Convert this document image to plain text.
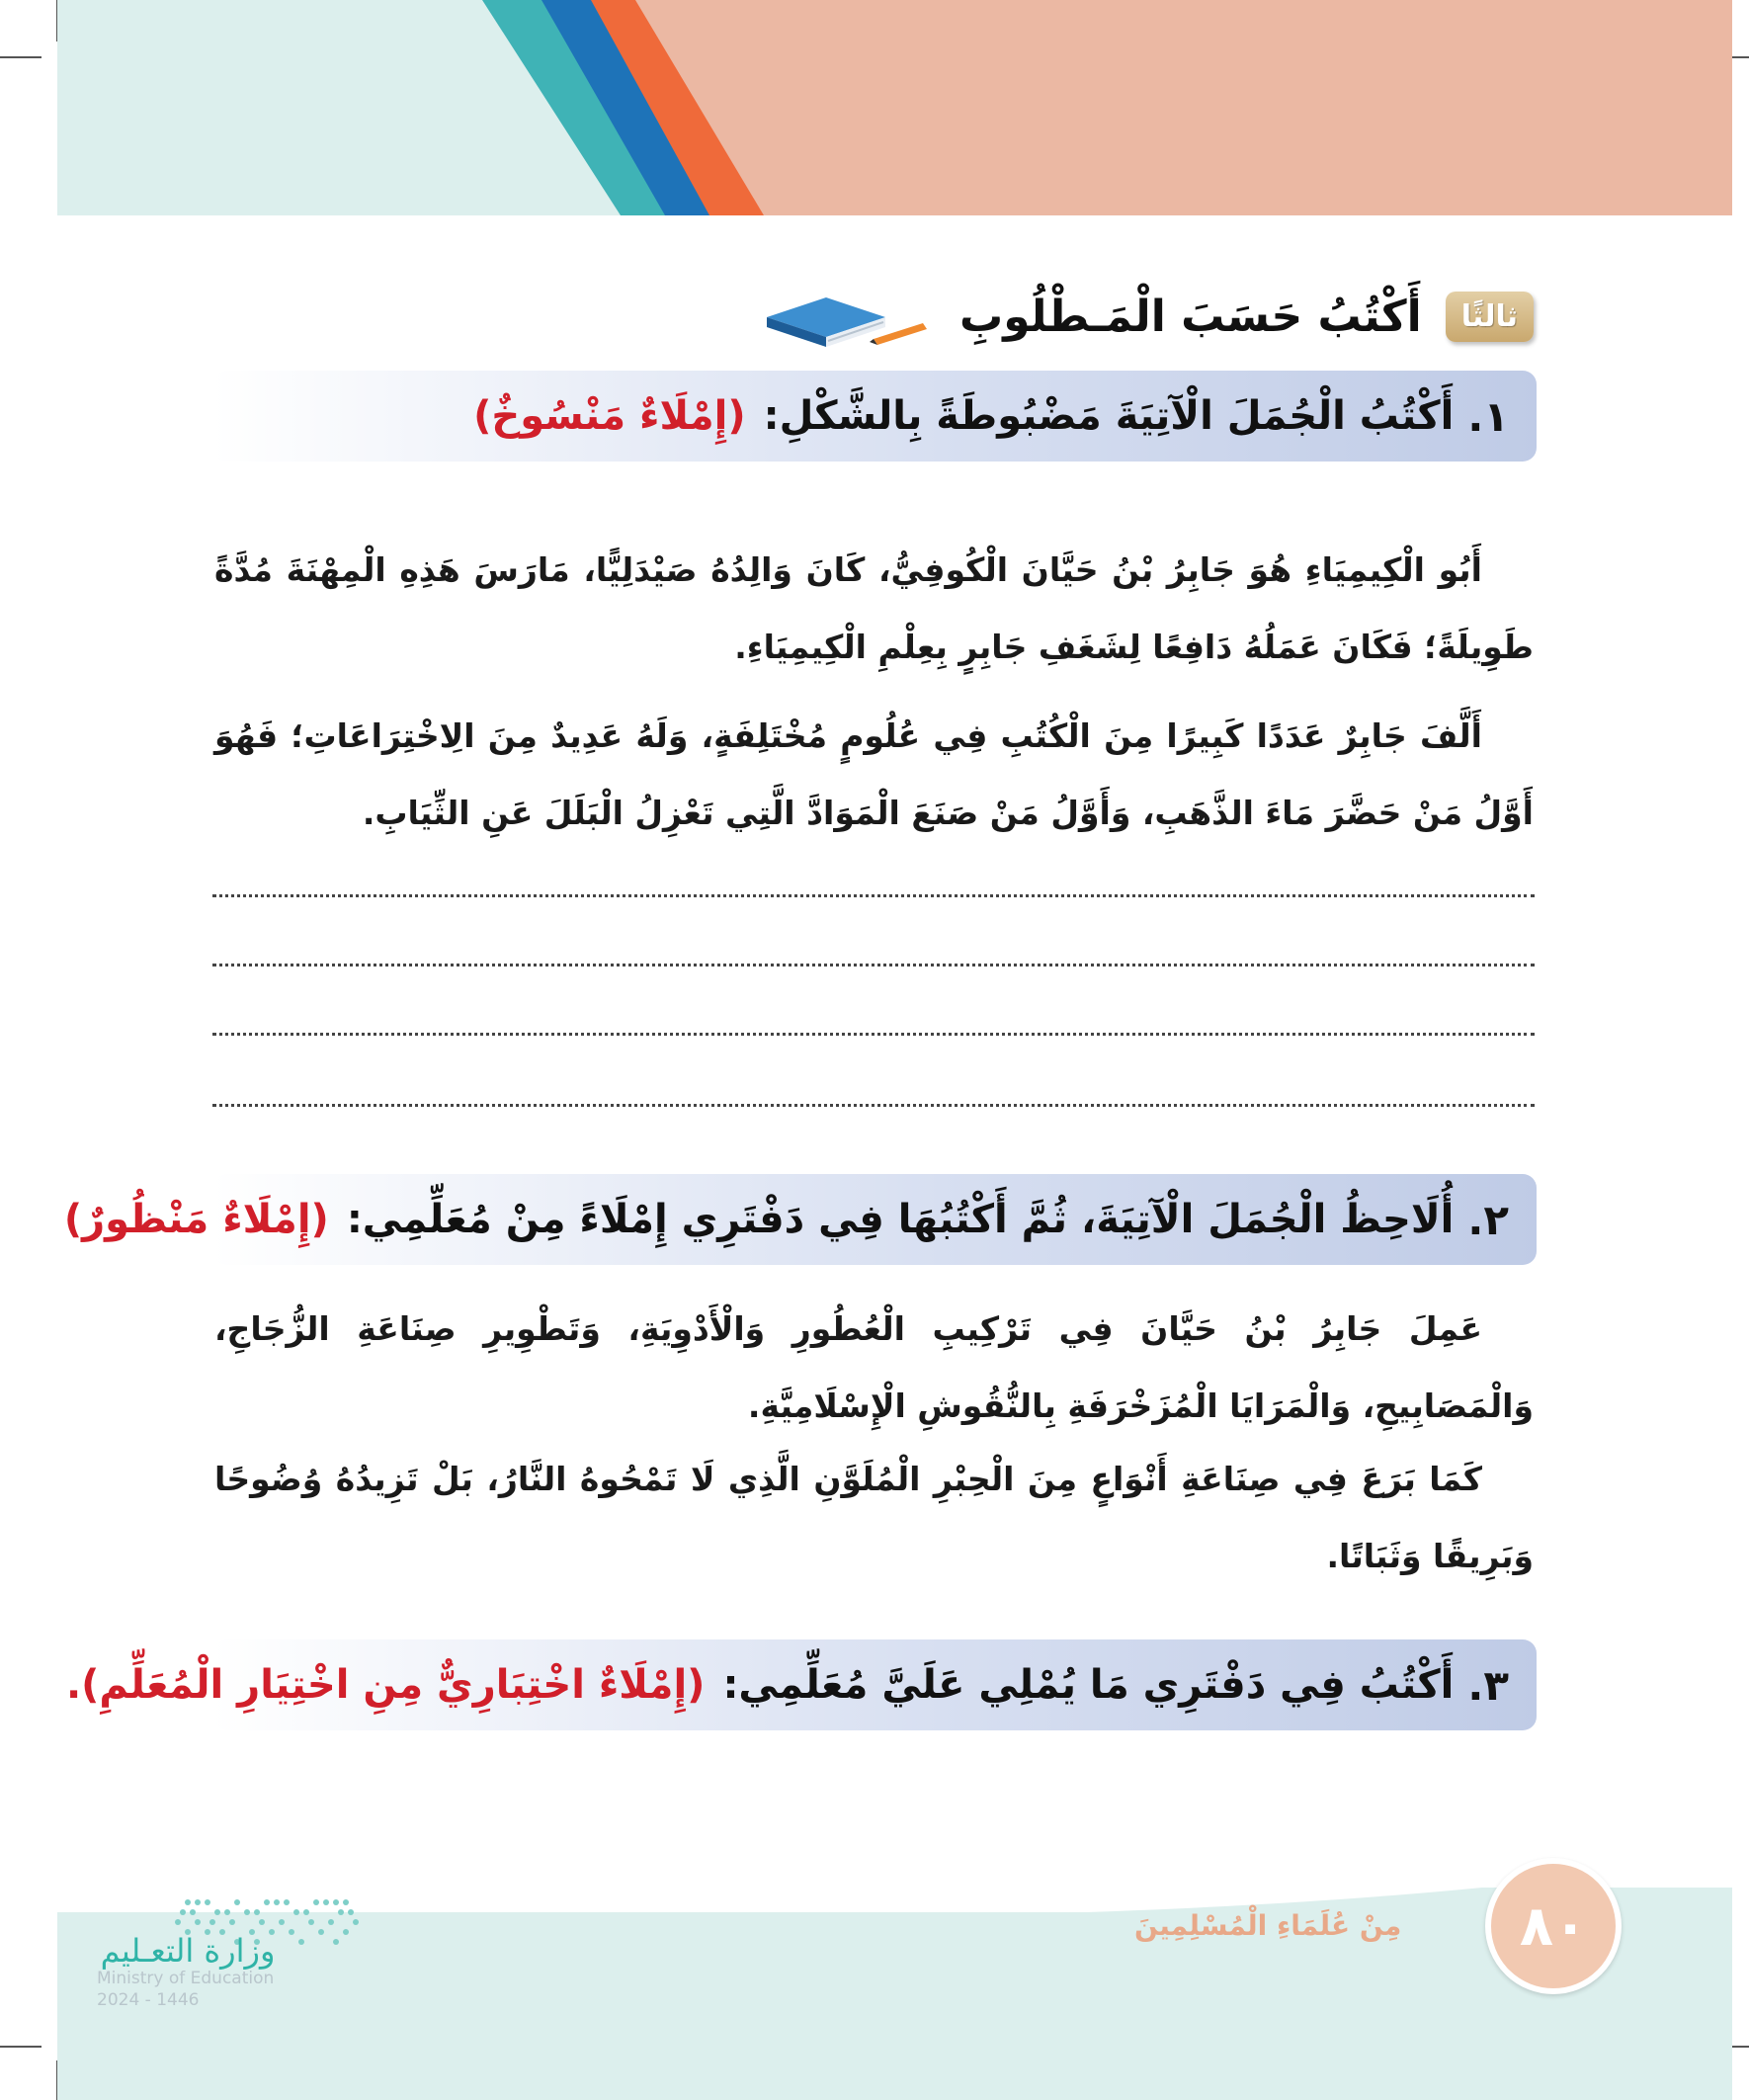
ثالثًا
أَكْتُبُ حَسَبَ الْمَـطْلُوبِ
١.
أَكْتُبُ الْجُمَلَ الْآتِيَةَ مَضْبُوطَةً بِالشَّكْلِ:
(إِمْلَاءٌ مَنْسُوخٌ)

أَبُو الْكِيمِيَاءِ هُوَ جَابِرُ بْنُ حَيَّانَ الْكُوفِيُّ، كَانَ وَالِدُهُ صَيْدَلِيًّا، مَارَسَ هَذِهِ الْمِهْنَةَ مُدَّةً طَوِيلَةً؛ فَكَانَ عَمَلُهُ دَافِعًا لِشَغَفِ جَابِرٍ بِعِلْمِ الْكِيمِيَاءِ.

أَلَّفَ جَابِرٌ عَدَدًا كَبِيرًا مِنَ الْكُتُبِ فِي عُلُومٍ مُخْتَلِفَةٍ، وَلَهُ عَدِيدٌ مِنَ الِاخْتِرَاعَاتِ؛ فَهُوَ أَوَّلُ مَنْ حَضَّرَ مَاءَ الذَّهَبِ، وَأَوَّلُ مَنْ صَنَعَ الْمَوَادَّ الَّتِي تَعْزِلُ الْبَلَلَ عَنِ الثِّيَابِ.

٢.
أُلَاحِظُ الْجُمَلَ الْآتِيَةَ، ثُمَّ أَكْتُبُهَا فِي دَفْتَرِي إِمْلَاءً مِنْ مُعَلِّمِي:
(إِمْلَاءٌ مَنْظُورٌ)

عَمِلَ جَابِرُ بْنُ حَيَّانَ فِي تَرْكِيبِ الْعُطُورِ وَالْأَدْوِيَةِ، وَتَطْوِيرِ صِنَاعَةِ الزُّجَاجِ، وَالْمَصَابِيحِ، وَالْمَرَايَا الْمُزَخْرَفَةِ بِالنُّقُوشِ الْإِسْلَامِيَّةِ.

كَمَا بَرَعَ فِي صِنَاعَةِ أَنْوَاعٍ مِنَ الْحِبْرِ الْمُلَوَّنِ الَّذِي لَا تَمْحُوهُ النَّارُ، بَلْ تَزِيدُهُ وُضُوحًا وَبَرِيقًا وَثَبَاتًا.

٣.
أَكْتُبُ فِي دَفْتَرِي مَا يُمْلِي عَلَيَّ مُعَلِّمِي:
(إِمْلَاءٌ اخْتِبَارِيٌّ مِنِ اخْتِيَارِ الْمُعَلِّمِ).
٨٠
مِنْ عُلَمَاءِ الْمُسْلِمِينَ
وزارة التعـليم
Ministry of Education
2024 - 1446
